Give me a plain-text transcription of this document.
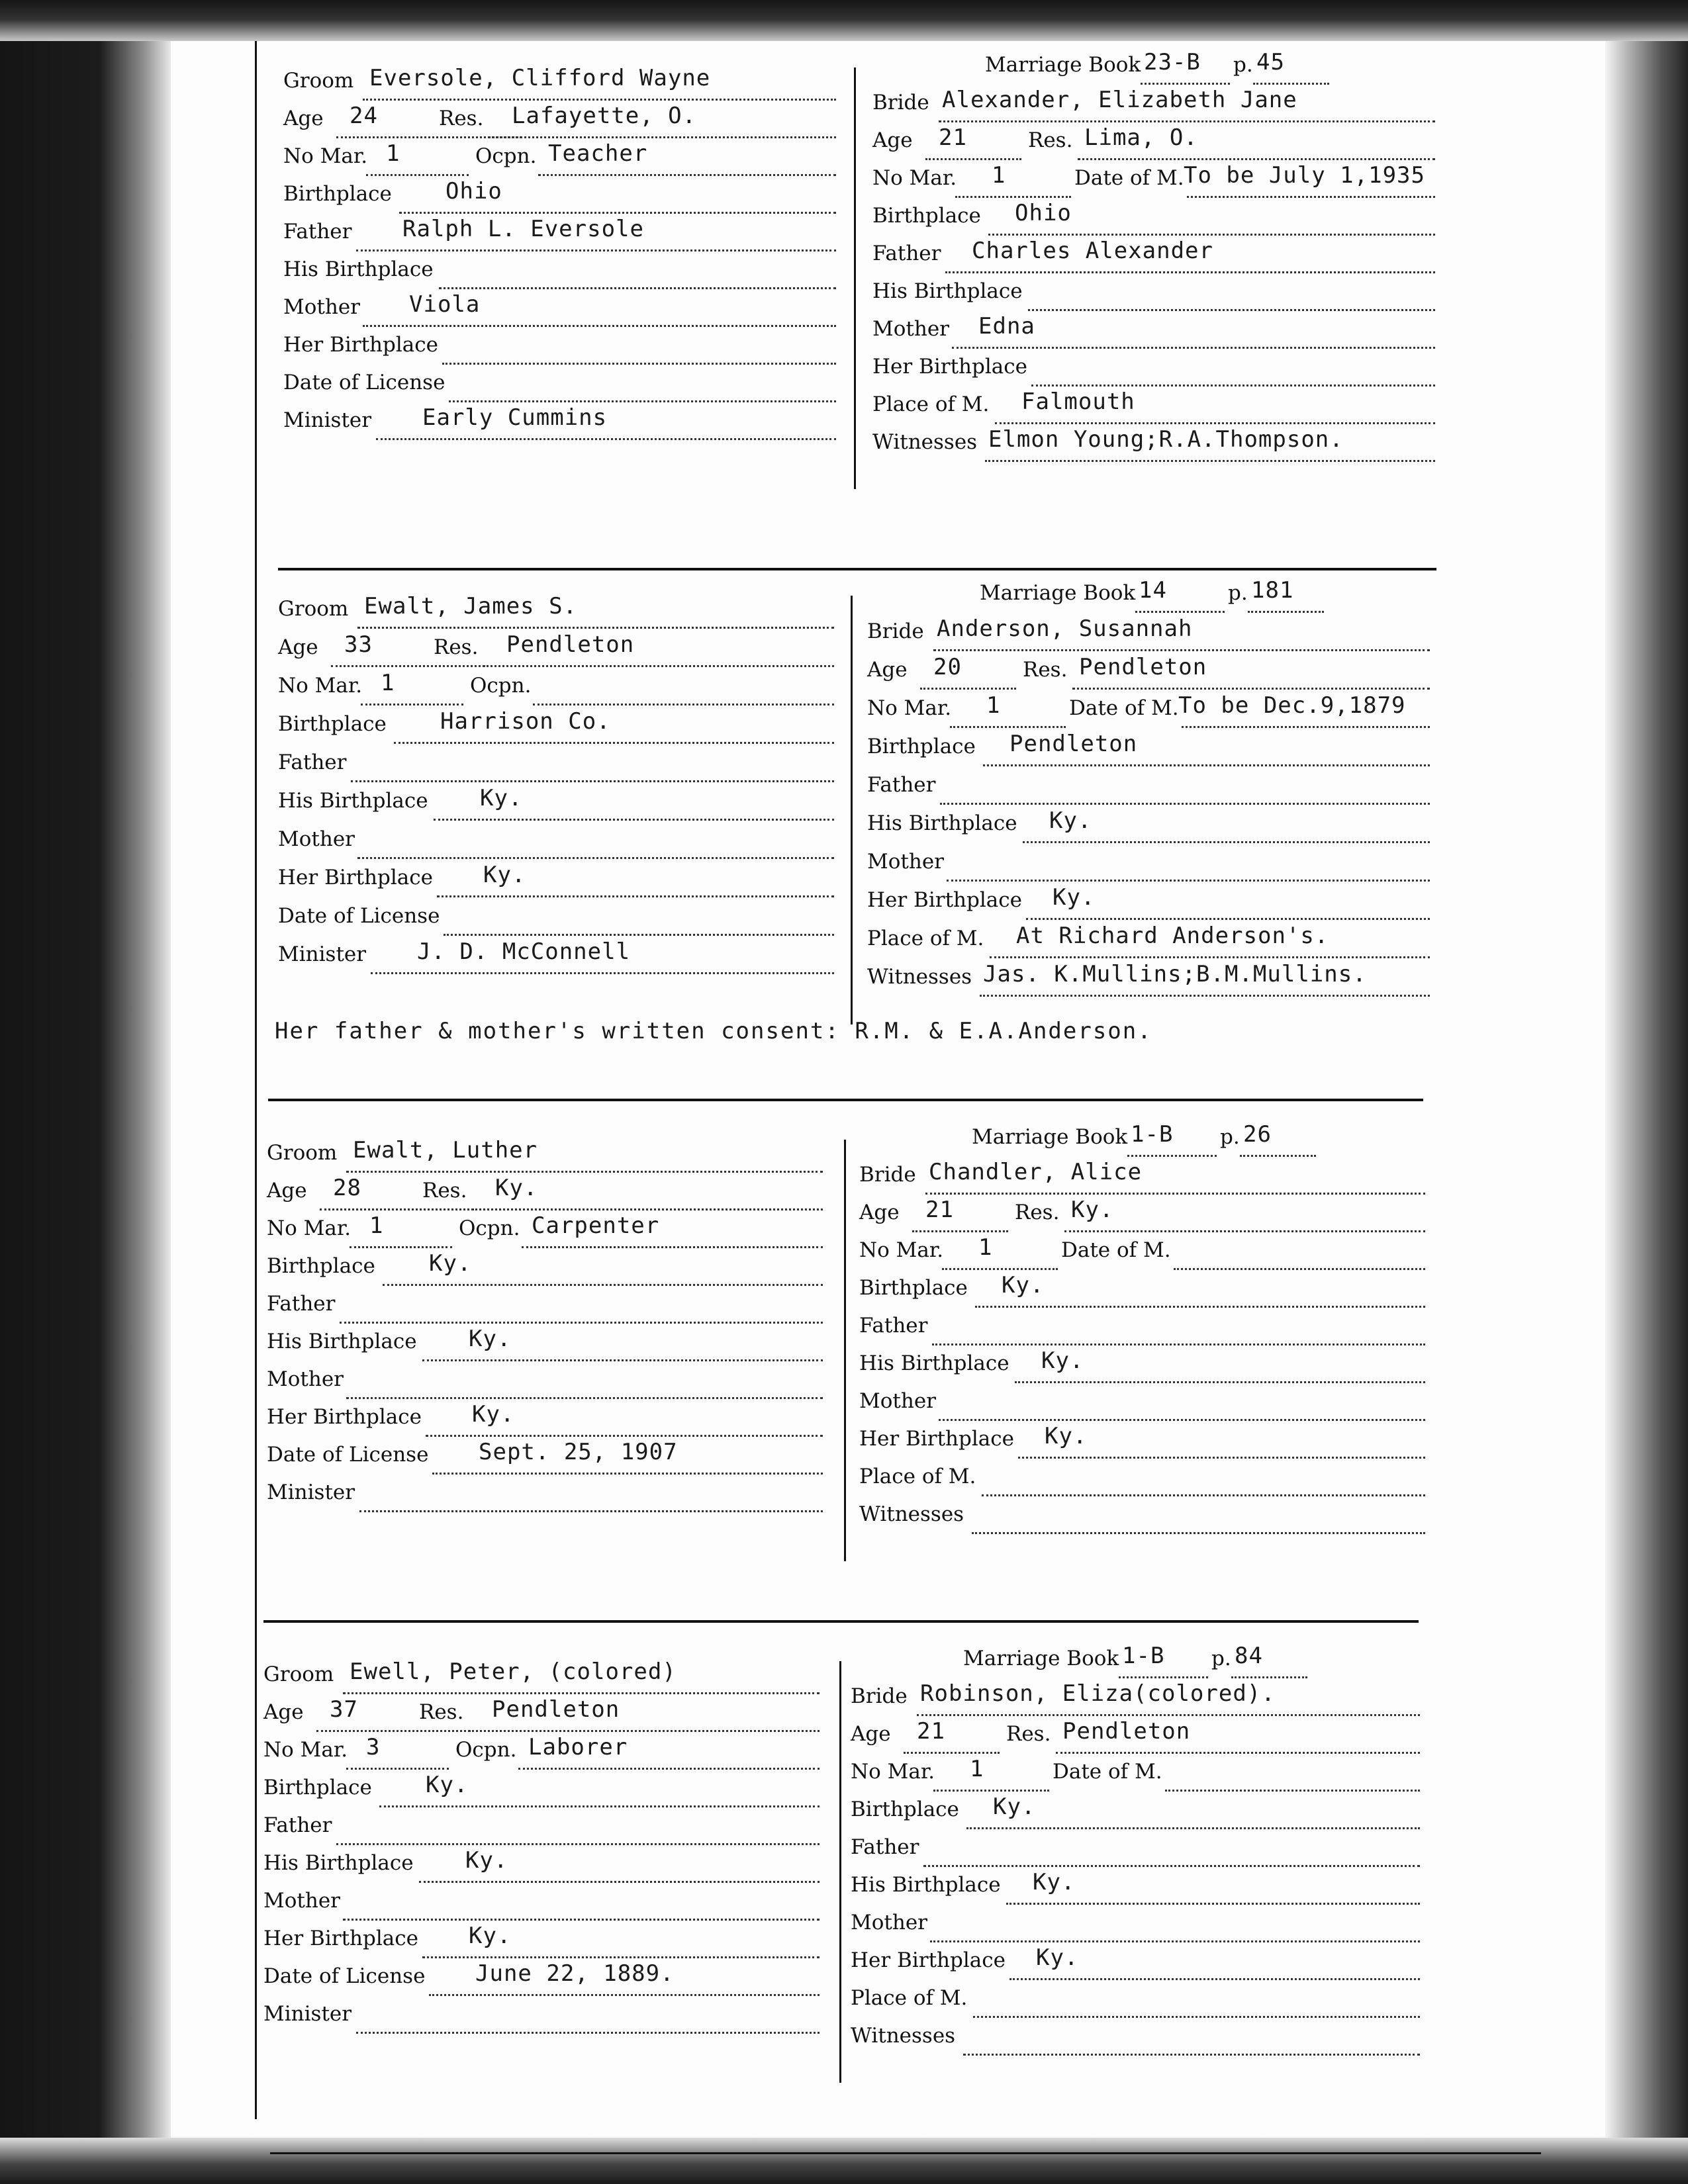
Groom Eversole, Clifford Wayne
Age 24	Res. Lafayette, O.
No Mar. 1	Ocpn. Teacher
Birthplace Ohio
Father Ralph L. Eversole
His Birthplace
Mother Viola
Her Birthplace
Date of License
Minister Early Cummins
Marriage Book 23-B p. 45
Bride Alexander, Elizabeth Jane
Age 21	Res. Lima, O.
No Mar. 1	Date of M. To be July 1,1935
Birthplace Ohio
Father Charles Alexander
His Birthplace
Mother Edna
Her Birthplace
Place of M. Falmouth
Witnesses Elmon Young;R.A.Thompson.
Groom Ewalt, James S.
Age 33	Res. Pendleton
No Mar. 1	Ocpn.
Birthplace Harrison Co.
Father
His Birthplace Ky.
Mother
Her Birthplace Ky.
Date of License
Minister J. D. McConnell
Marriage Book 14	p. 181
Bride Anderson, Susannah
Age 20	Res. Pendleton
No Mar. 1	Date of M. To be Dec.9,1879
Birthplace Pendleton
Father
His Birthplace Ky.
Mother
Her Birthplace Ky.
Place of M. At Richard Anderson's.
Witnesses Jas. K.Mullins;B.M.Mullins.
Her father & mother's written consent: R.M. & E.A.Anderson.
Groom Ewalt, Luther
Age 28	Res. Ky.
No Mar. 1	Ocpn. Carpenter
Birthplace Ky.
Father
His Birthplace Ky.
Mother
Her Birthplace Ky.
Date of License Sept. 25, 1907
Minister
Marriage Book 1-B p. 26
Bride Chandler, Alice
Age 21	Res. Ky.
No Mar. 1	Date of M.
Birthplace Ky.
Father
His Birthplace Ky.
Mother
Her Birthplace Ky.
Place of M.
Witnesses
Groom Ewell, Peter, (colored)
Age 37	Res. Pendleton
No Mar. 3	Ocpn. Laborer
Birthplace Ky.
Father
His Birthplace Ky.
Mother
Her Birthplace Ky.
Date of License June 22, 1889.
Minister
Marriage Book 1-B p. 84
Bride Robinson, Eliza(colored).
Age 21	Res. Pendleton
No Mar. 1	Date of M.
Birthplace Ky.
Father
His Birthplace Ky.
Mother
Her Birthplace Ky.
Place of M.
Witnesses
